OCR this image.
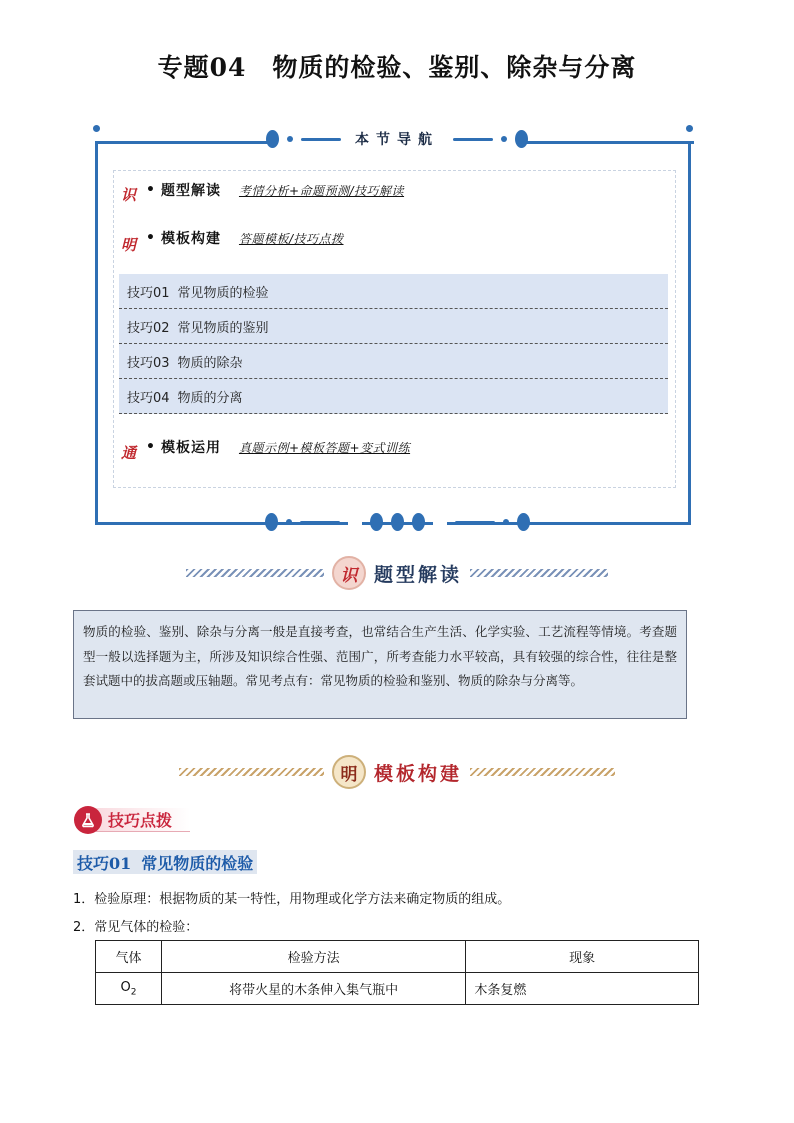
专题04 物质的检验、鉴别、除杂与分离
本节导航
识 • 题型解读 考情分析+命题预测/技巧解读
明 • 模板构建 答题模板/技巧点拨
技巧01 常见物质的检验
技巧02 常见物质的鉴别
技巧03 物质的除杂
技巧04 物质的分离
通 • 模板运用 真题示例+模板答题+变式训练
识 题型解读
物质的检验、鉴别、除杂与分离一般是直接考查，也常结合生产生活、化学实验、工艺流程等情境。考查题型一般以选择题为主，所涉及知识综合性强、范围广，所考查能力水平较高，具有较强的综合性，往往是整套试题中的拔高题或压轴题。常见考点有：常见物质的检验和鉴别、物质的除杂与分离等。
明 模板构建
技巧点拨
技巧01 常见物质的检验
1．检验原理：根据物质的某一特性，用物理或化学方法来确定物质的组成。
2．常见气体的检验：
气体	检验方法	现象
$O_2$	将带火星的木条伸入集气瓶中	木条复燃
